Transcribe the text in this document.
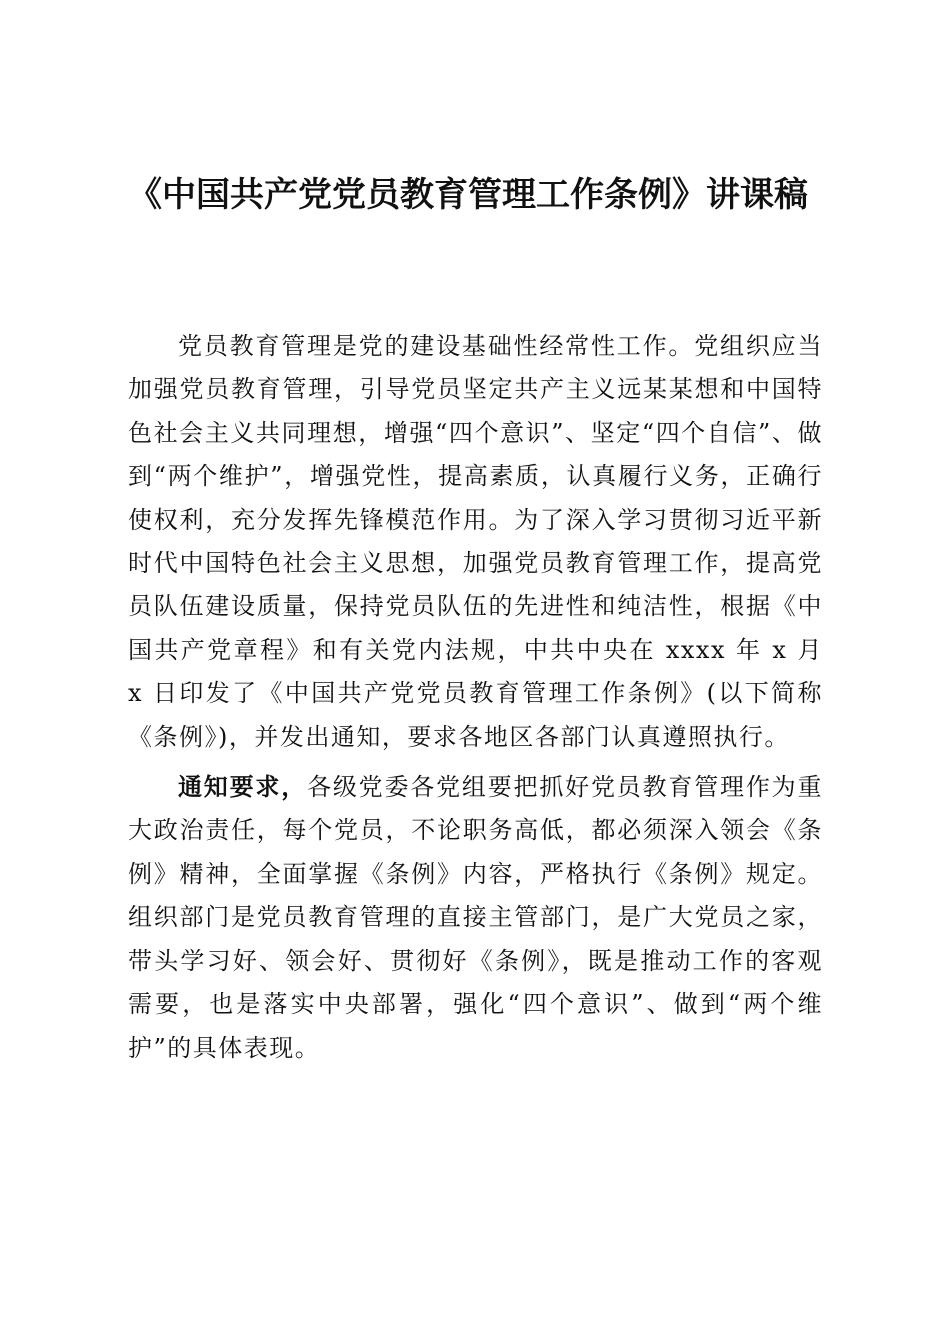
《中国共产党党员教育管理工作条例》讲课稿

党员教育管理是党的建设基础性经常性工作。党组织应当加强党员教育管理，引导党员坚定共产主义远某某想和中国特色社会主义共同理想，增强“四个意识”、坚定“四个自信”、做到“两个维护”，增强党性，提高素质，认真履行义务，正确行使权利，充分发挥先锋模范作用。为了深入学习贯彻习近平新时代中国特色社会主义思想，加强党员教育管理工作，提高党员队伍建设质量，保持党员队伍的先进性和纯洁性，根据《中国共产党章程》和有关党内法规，中共中央在 xxxx 年 x 月 x 日印发了《中国共产党党员教育管理工作条例》(以下简称《条例》)，并发出通知，要求各地区各部门认真遵照执行。

通知要求，各级党委各党组要把抓好党员教育管理作为重大政治责任，每个党员，不论职务高低，都必须深入领会《条例》精神，全面掌握《条例》内容，严格执行《条例》规定。组织部门是党员教育管理的直接主管部门，是广大党员之家，带头学习好、领会好、贯彻好《条例》，既是推动工作的客观需要，也是落实中央部署，强化“四个意识”、做到“两个维护”的具体表现。
